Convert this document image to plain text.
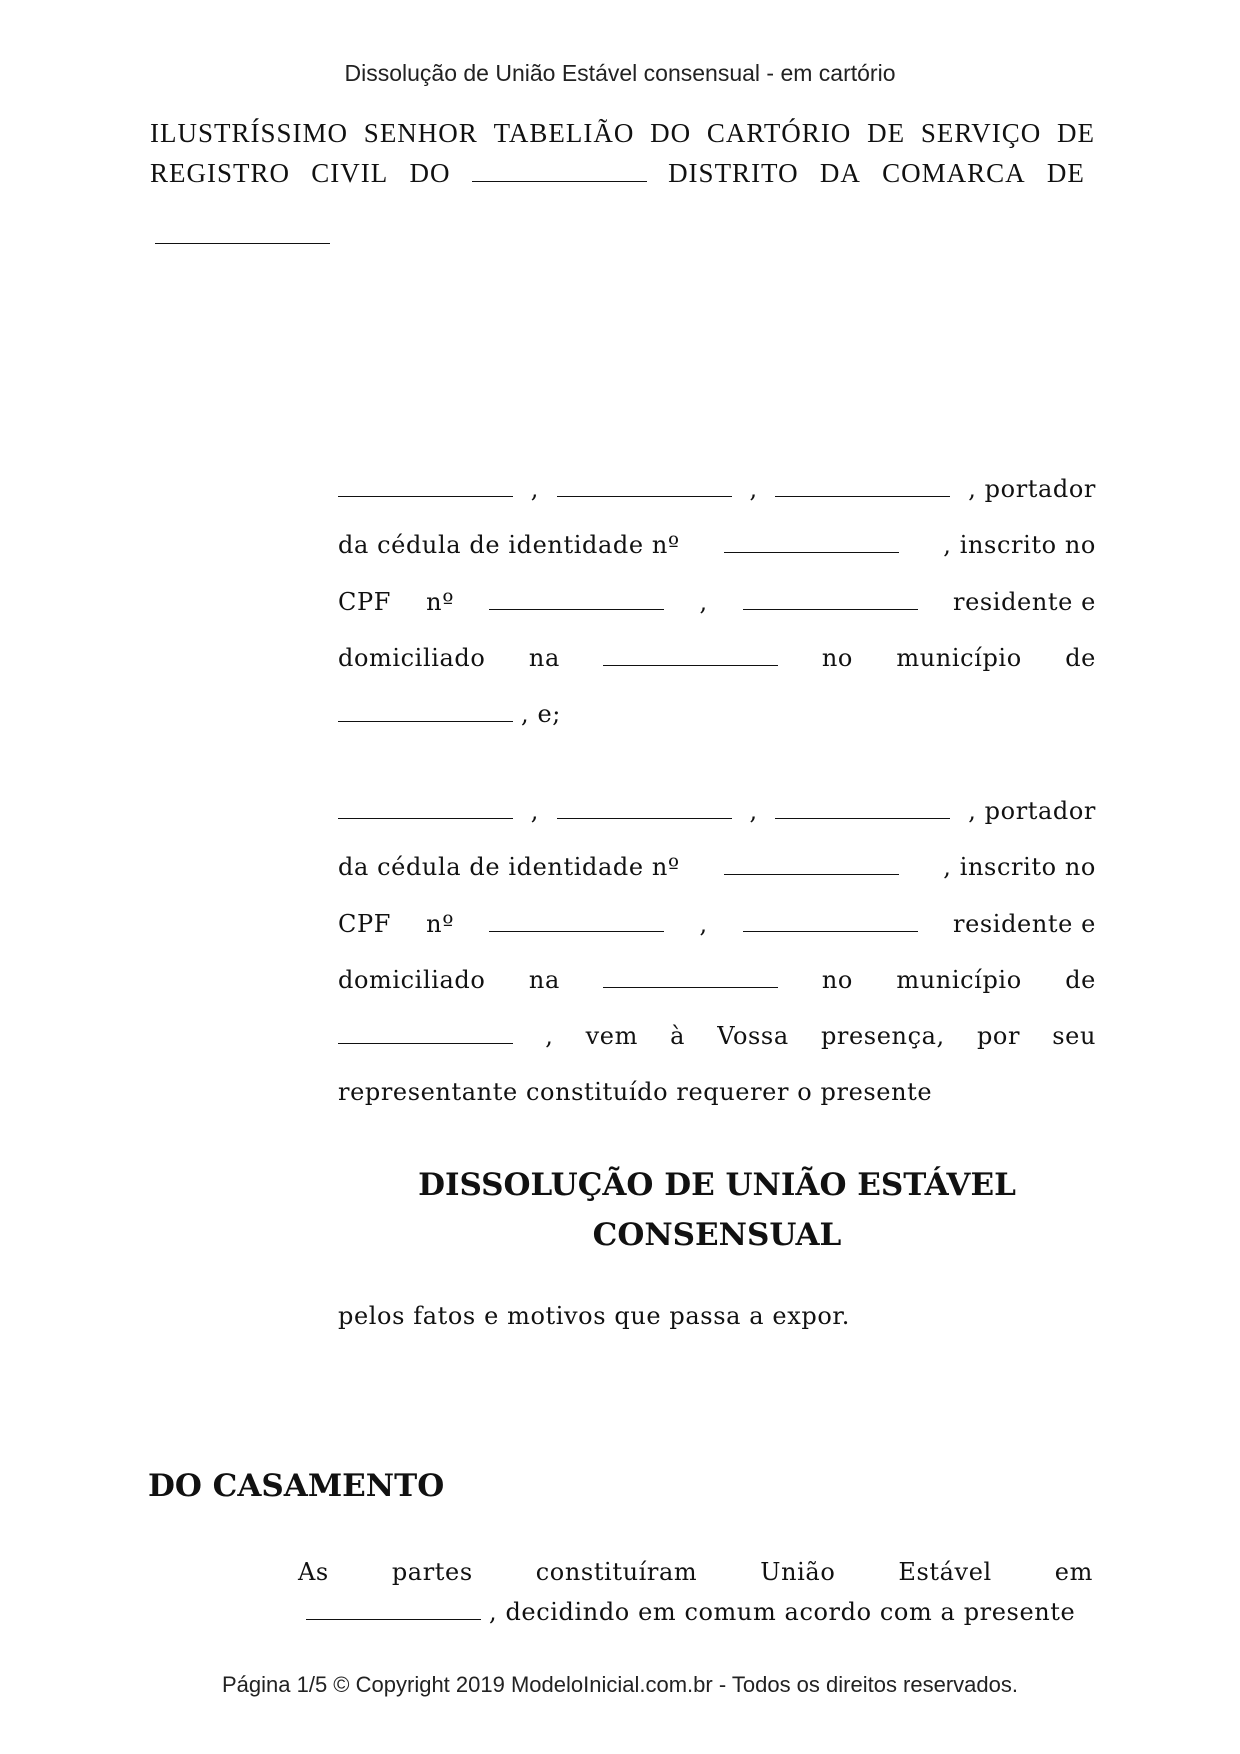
Dissolução de União Estável consensual - em cartório
ILUSTRÍSSIMO SENHOR TABELIÃO DO CARTÓRIO DE SERVIÇO DE
REGISTRO CIVIL DO	DISTRITO DA COMARCA DE
,	,	, portador
da cédula de identidade nº	, inscrito no
CPF nº	,	residente e
domiciliado na	no município de
, e;
,	,	, portador
da cédula de identidade nº	, inscrito no
CPF nº	,	residente e
domiciliado na	no município de
, vem à Vossa presença, por seu
representante constituído requerer o presente
DISSOLUÇÃO DE UNIÃO ESTÁVEL
CONSENSUAL
pelos fatos e motivos que passa a expor.
DO CASAMENTO
As	partes	constituíram	União	Estável	em
, decidindo em comum acordo com a presente
Página 1/5 © Copyright 2019 ModeloInicial.com.br - Todos os direitos reservados.
